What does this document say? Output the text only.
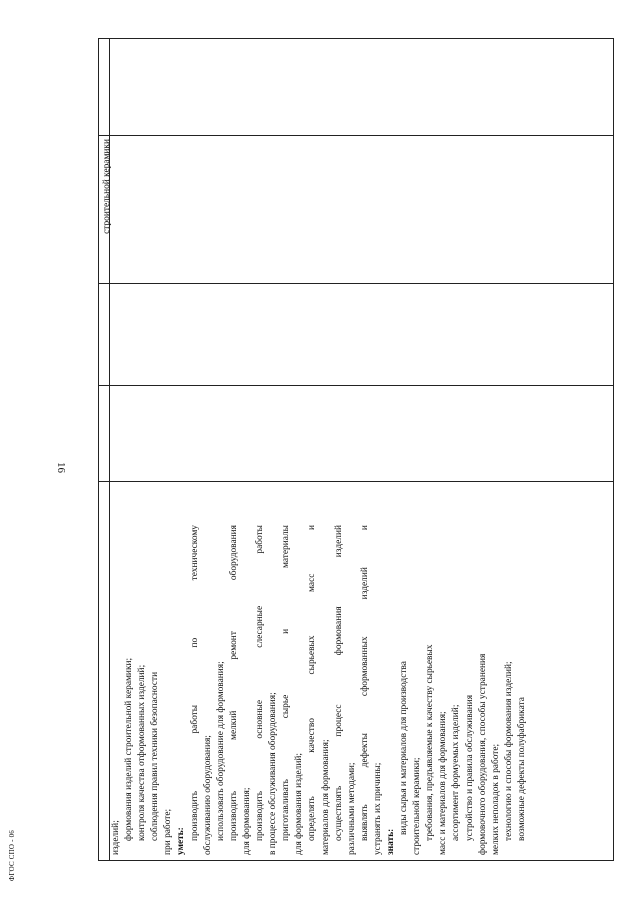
16
ФГОС СПО - 06
строительной керамики
изделий; формования изделий строительной керамики; контроля качества отформованных изделий; соблюдения правил техники безопасности при работе; уметь:
производить
работы
по
техническому
обслуживанию оборудования; использовать оборудование для формования; производить
мелкий
ремонт
оборудования
для формования; производить
основные
слесарные
работы
в процессе обслуживания оборудования; приготавливать
сырье
и
материалы
для формования изделий; определять
качество
сырьевых
масс
и
материалов для формования; осуществлять
процесс
формования
изделий
различными методами; выявлять
дефекты
сформованных
изделий
и
устранять их причины; знать:
виды сырья и материалов для производства строительной керамики; требования, предъявляемые к качеству сырьевых масс и материалов для формования; ассортимент формуемых изделий; устройство и правила обслуживания формовочного оборудования, способы устранения мелких неполадок в работе; технологию и способы формования изделий; возможные дефекты полуфабриката
